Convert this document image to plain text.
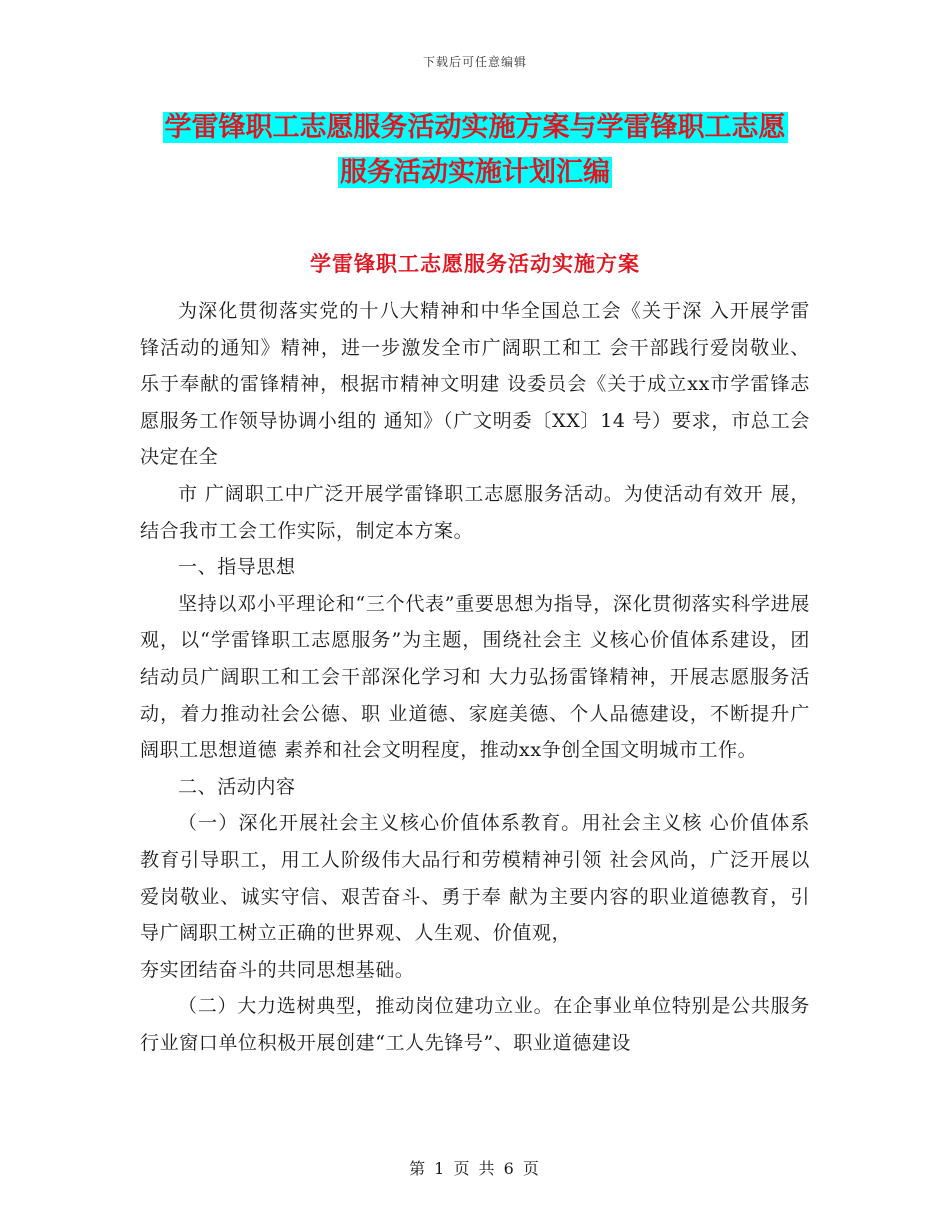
下载后可任意编辑
学雷锋职工志愿服务活动实施方案与学雷锋职工志愿
服务活动实施计划汇编
学雷锋职工志愿服务活动实施方案

为深化贯彻落实党的十八大精神和中华全国总工会《关于深 入开展学雷锋活动的通知》精神，进一步激发全市广阔职工和工 会干部践行爱岗敬业、乐于奉献的雷锋精神，根据市精神文明建 设委员会《关于成立xx市学雷锋志愿服务工作领导协调小组的 通知》（广文明委〔XX〕14 号）要求，市总工会决定在全

市 广阔职工中广泛开展学雷锋职工志愿服务活动。为使活动有效开 展，结合我市工会工作实际，制定本方案。

一、指导思想

坚持以邓小平理论和“三个代表”重要思想为指导，深化贯彻落实科学进展观，以“学雷锋职工志愿服务”为主题，围绕社会主 义核心价值体系建设，团结动员广阔职工和工会干部深化学习和 大力弘扬雷锋精神，开展志愿服务活动，着力推动社会公德、职 业道德、家庭美德、个人品德建设，不断提升广阔职工思想道德 素养和社会文明程度，推动xx争创全国文明城市工作。

二、活动内容

（一）深化开展社会主义核心价值体系教育。用社会主义核 心价值体系教育引导职工，用工人阶级伟大品行和劳模精神引领 社会风尚，广泛开展以爱岗敬业、诚实守信、艰苦奋斗、勇于奉 献为主要内容的职业道德教育，引导广阔职工树立正确的世界观、人生观、价值观，

夯实团结奋斗的共同思想基础。

（二）大力选树典型，推动岗位建功立业。在企事业单位特别是公共服务行业窗口单位积极开展创建“工人先锋号”、职业道德建设

第 1 页 共 6 页
